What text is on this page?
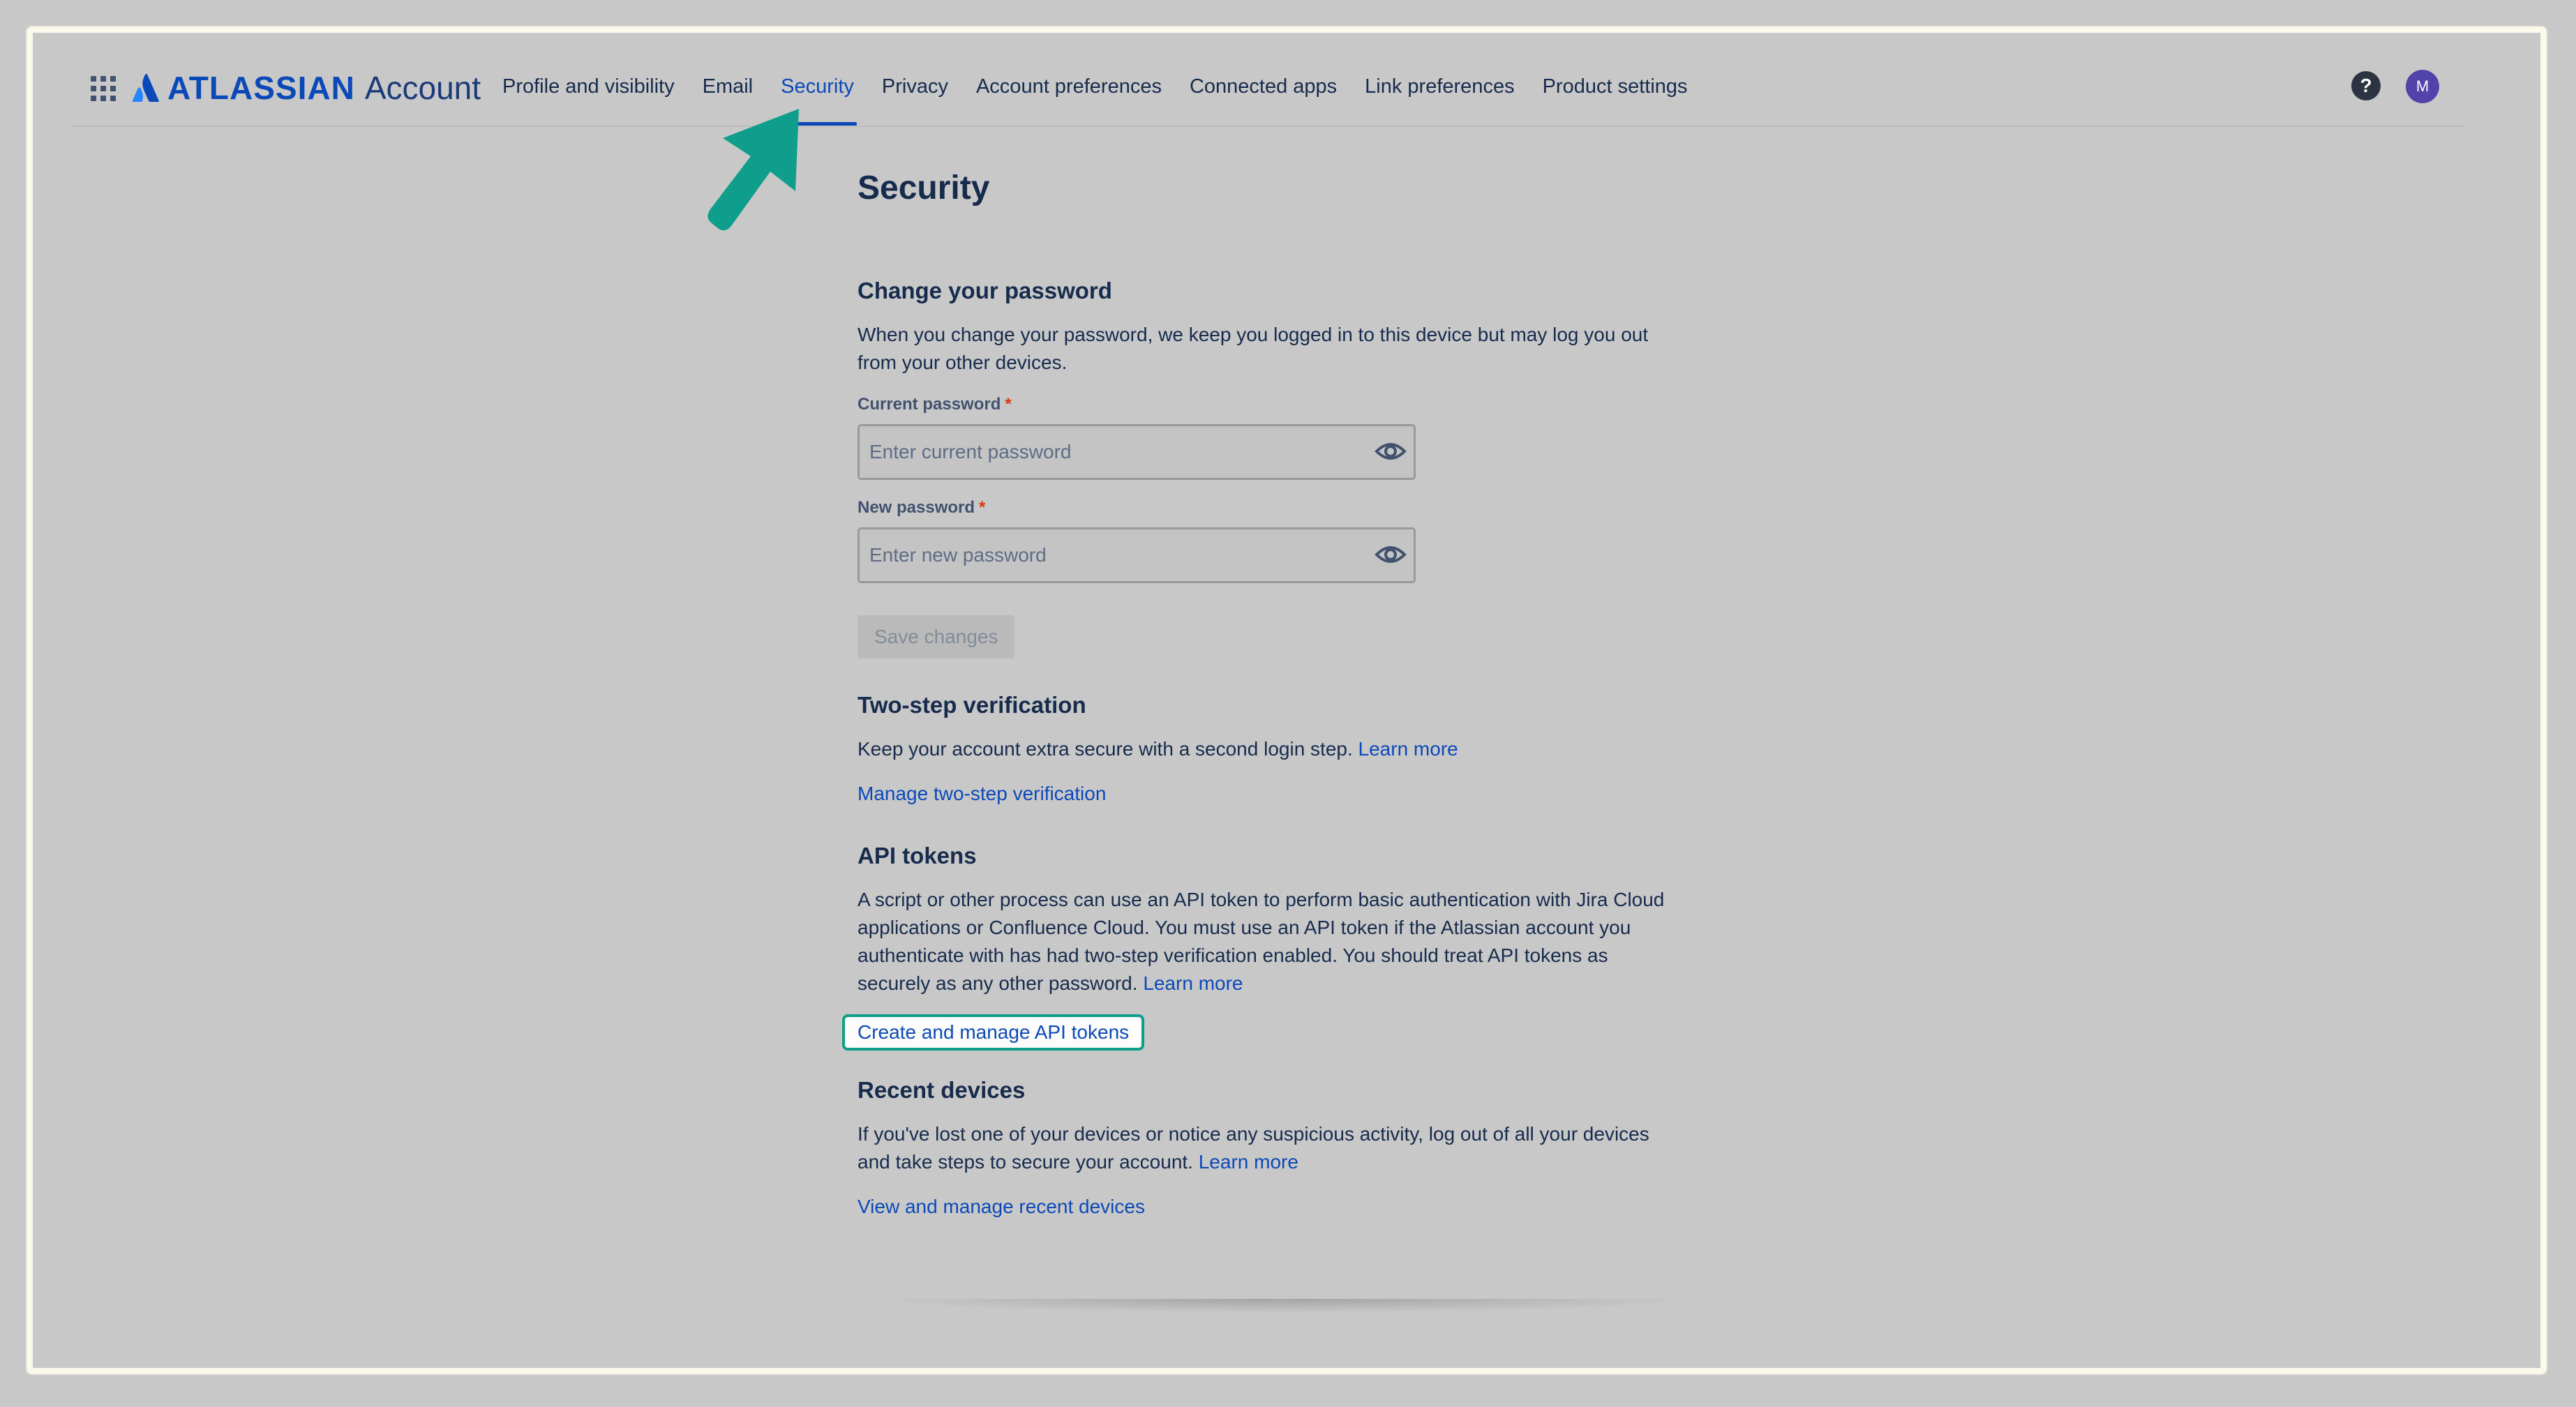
ATLASSIAN Account Profile and visibility Email Security Privacy Account preferences Connected apps Link preferences Product settings	?	M
Security
Change your password

When you change your password, we keep you logged in to this device but may log you out from your other devices.

Current password *
New password *
Save changes
Two-step verification

Keep your account extra secure with a second login step. Learn more

Manage two-step verification
API tokens

A script or other process can use an API token to perform basic authentication with Jira Cloud applications or Confluence Cloud. You must use an API token if the Atlassian account you authenticate with has had two-step verification enabled. You should treat API tokens as securely as any other password. Learn more

Create and manage API tokens
Recent devices

If you've lost one of your devices or notice any suspicious activity, log out of all your devices and take steps to secure your account. Learn more

View and manage recent devices
